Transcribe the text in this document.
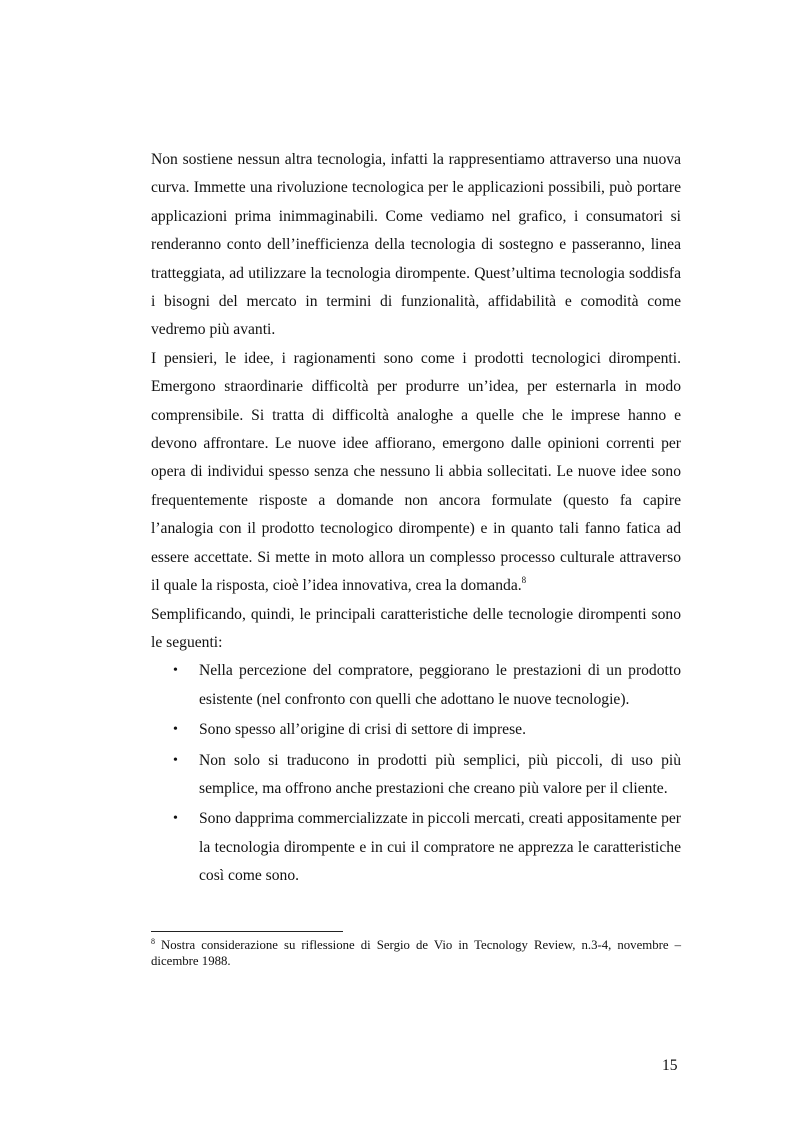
Non sostiene nessun altra tecnologia, infatti la rappresentiamo attraverso una nuova curva. Immette una rivoluzione tecnologica per le applicazioni possibili, può portare applicazioni prima inimmaginabili. Come vediamo nel grafico, i consumatori si renderanno conto dell’inefficienza della tecnologia di sostegno e passeranno, linea tratteggiata, ad utilizzare la tecnologia dirompente. Quest’ultima tecnologia soddisfa i bisogni del mercato in termini di funzionalità, affidabilità e comodità come vedremo più avanti.

I pensieri, le idee, i ragionamenti sono come i prodotti tecnologici dirompenti. Emergono straordinarie difficoltà per produrre un’idea, per esternarla in modo comprensibile. Si tratta di difficoltà analoghe a quelle che le imprese hanno e devono affrontare. Le nuove idee affiorano, emergono dalle opinioni correnti per opera di individui spesso senza che nessuno li abbia sollecitati. Le nuove idee sono frequentemente risposte a domande non ancora formulate (questo fa capire l’analogia con il prodotto tecnologico dirompente) e in quanto tali fanno fatica ad essere accettate. Si mette in moto allora un complesso processo culturale attraverso il quale la risposta, cioè l’idea innovativa, crea la domanda.$^8$

Semplificando, quindi, le principali caratteristiche delle tecnologie dirompenti sono le seguenti:

• Nella percezione del compratore, peggiorano le prestazioni di un prodotto esistente (nel confronto con quelli che adottano le nuove tecnologie).
• Sono spesso all’origine di crisi di settore di imprese.
• Non solo si traducono in prodotti più semplici, più piccoli, di uso più semplice, ma offrono anche prestazioni che creano più valore per il cliente.
• Sono dapprima commercializzate in piccoli mercati, creati appositamente per la tecnologia dirompente e in cui il compratore ne apprezza le caratteristiche così come sono.
$^8$ Nostra considerazione su riflessione di Sergio de Vio in Tecnology Review, n.3-4, novembre – dicembre 1988.
15
